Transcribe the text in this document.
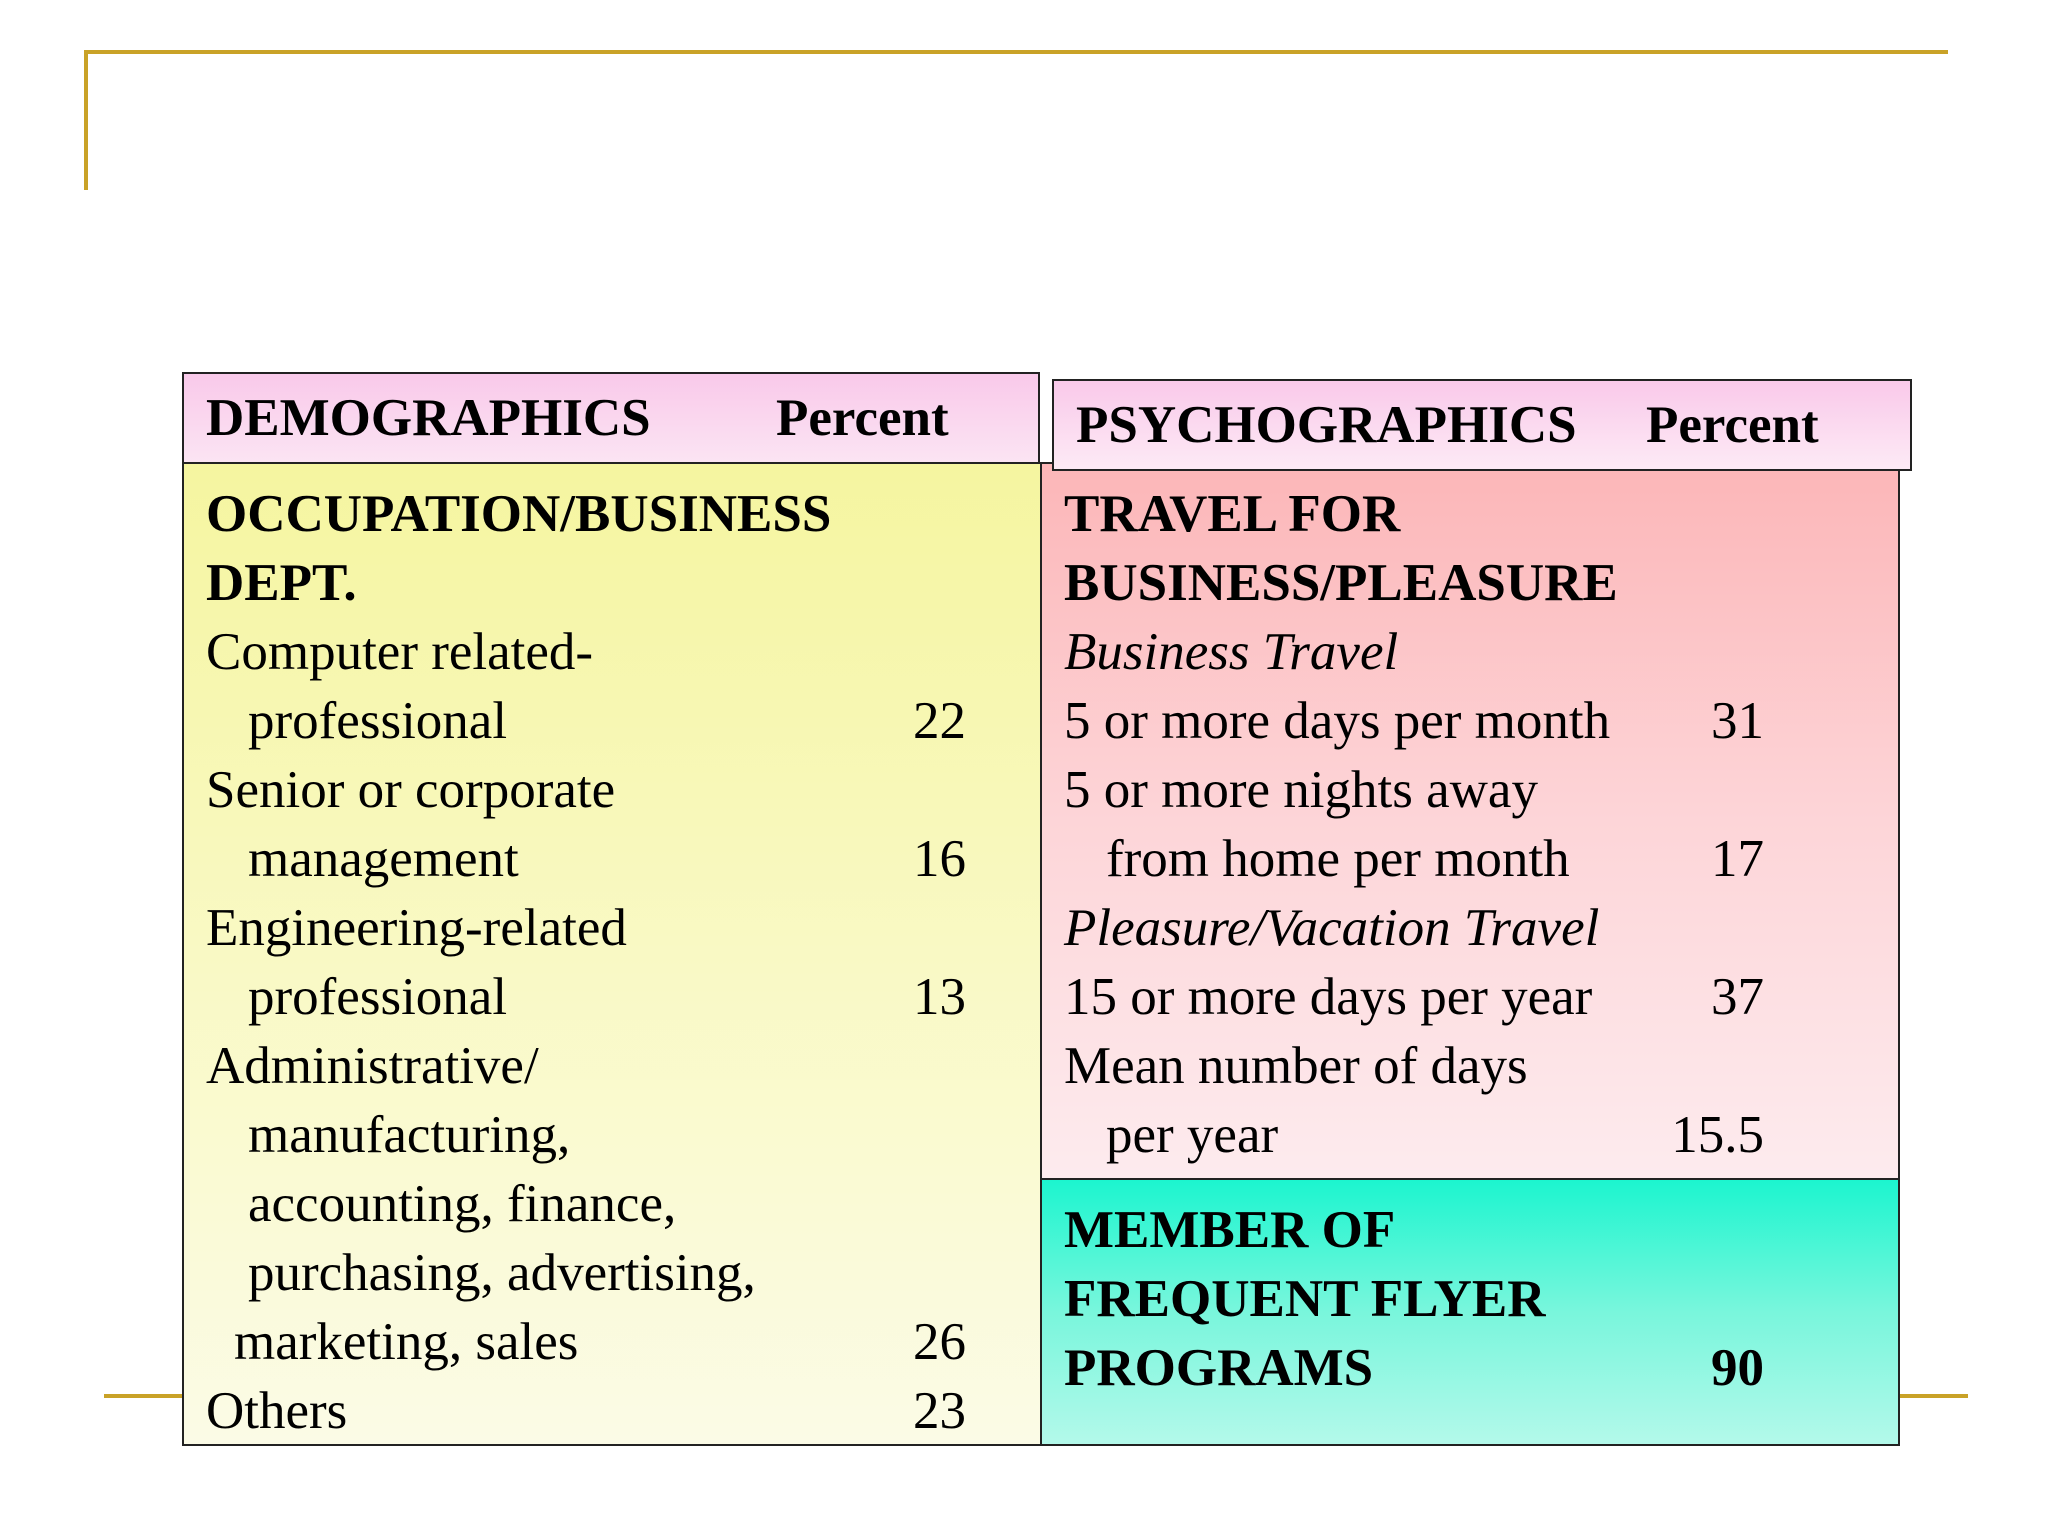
DEMOGRAPHICS Percent
OCCUPATION/BUSINESS
DEPT.
Computer related-
professional	22
Senior or corporate
management	16
Engineering-related
professional	13
Administrative/
manufacturing,
accounting, finance,
purchasing, advertising,
marketing, sales	26
Others	23
TRAVEL FOR
BUSINESS/PLEASURE
Business Travel
5 or more days per month	31
5 or more nights away
from home per month	17
Pleasure/Vacation Travel
15 or more days per year	37
Mean number of days
per year	15.5
MEMBER OF
FREQUENT FLYER
PROGRAMS	90
PSYCHOGRAPHICS Percent
